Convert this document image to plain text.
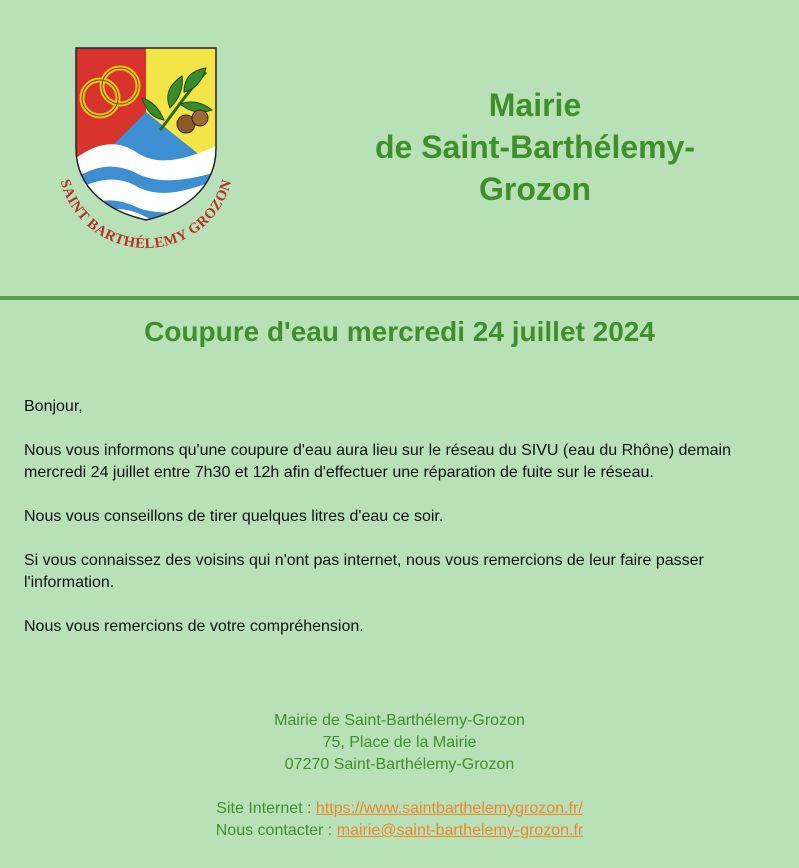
SAINT BARTHÉLEMY GROZON
Mairie
de Saint-Barthélemy-
Grozon
Coupure d'eau mercredi 24 juillet 2024

Bonjour,

Nous vous informons qu'une coupure d'eau aura lieu sur le réseau du SIVU (eau du Rhône) demain mercredi 24 juillet entre 7h30 et 12h afin d'effectuer une réparation de fuite sur le réseau.

Nous vous conseillons de tirer quelques litres d'eau ce soir.

Si vous connaissez des voisins qui n'ont pas internet, nous vous remercions de leur faire passer l'information.

Nous vous remercions de votre compréhension.

Mairie de Saint-Barthélemy-Grozon
75, Place de la Mairie
07270 Saint-Barthélemy-Grozon
Site Internet : https://www.saintbarthelemygrozon.fr/
Nous contacter : mairie@saint-barthelemy-grozon.fr
